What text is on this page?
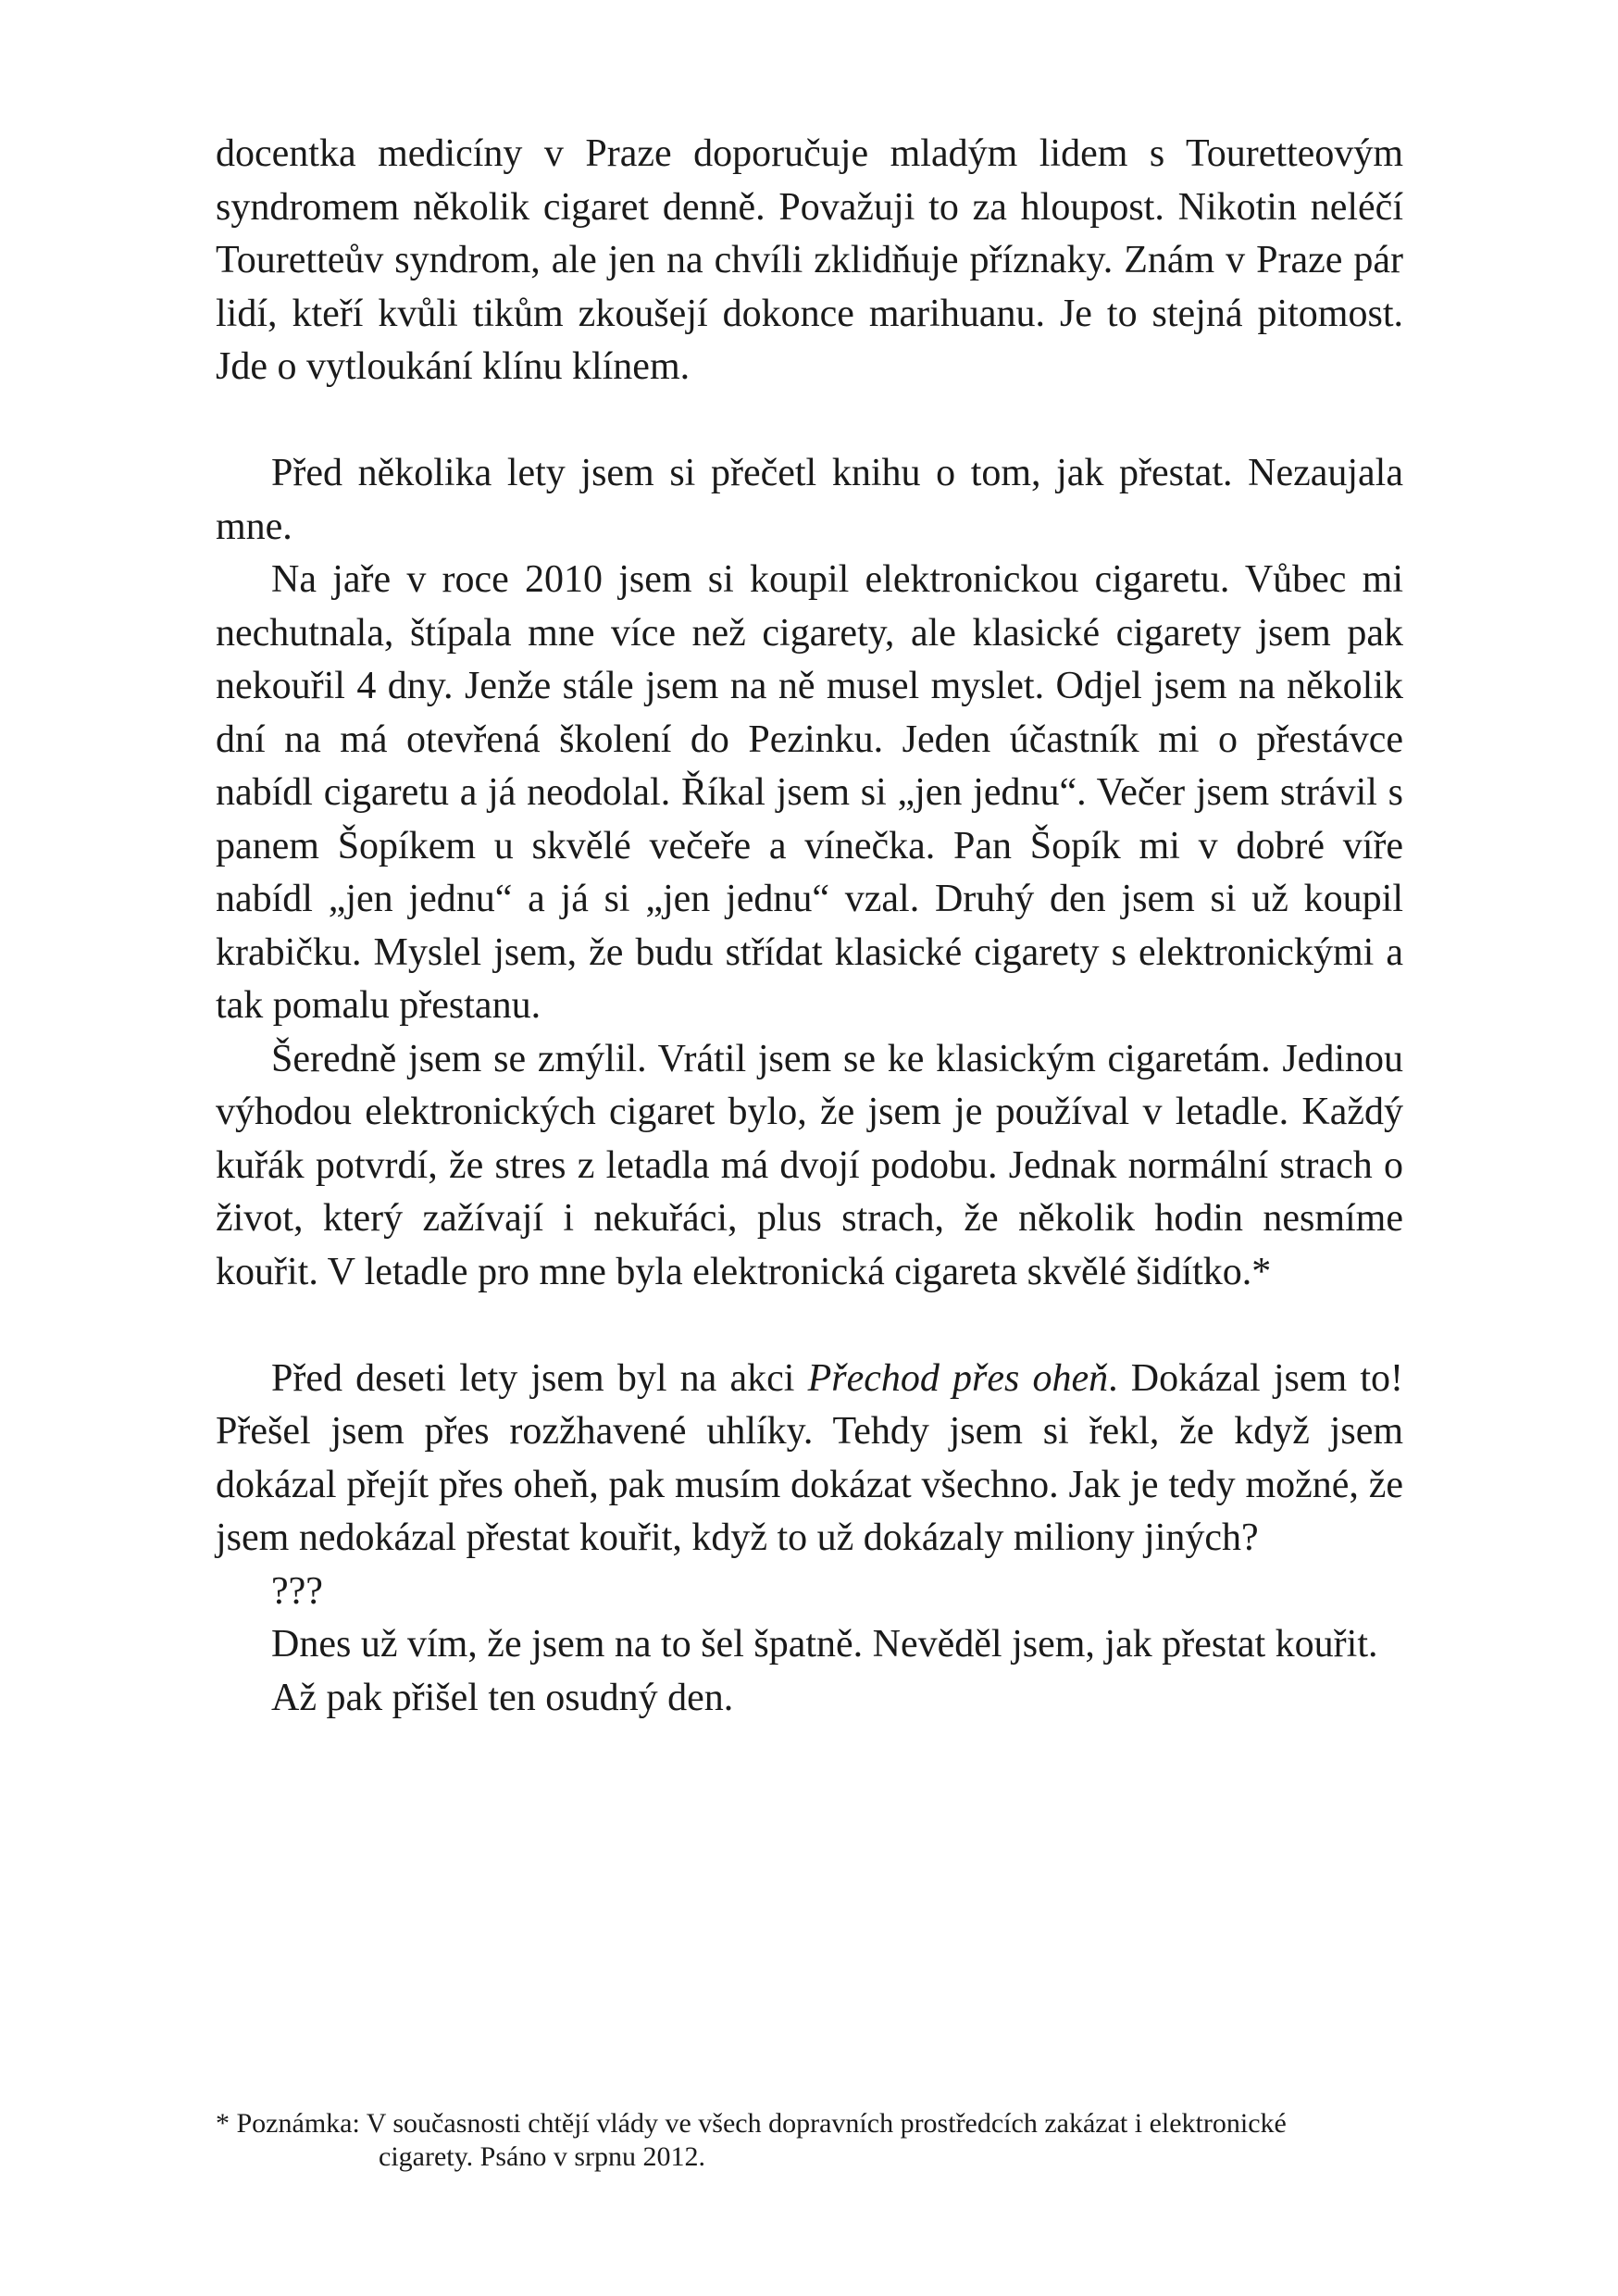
docentka medicíny v Praze doporučuje mladým lidem s Touretteovým syndromem několik cigaret denně. Považuji to za hloupost. Nikotin neléčí Tourettеův syndrom, ale jen na chvíli zklidňuje příznaky. Znám v Praze pár lidí, kteří kvůli tikům zkoušejí dokonce marihuanu. Je to stejná pitomost. Jde o vytloukání klínu klínem.

Před několika lety jsem si přečetl knihu o tom, jak přestat. Nezaujala mne.

Na jaře v roce 2010 jsem si koupil elektronickou cigaretu. Vůbec mi nechutnala, štípala mne více než cigarety, ale klasické cigarety jsem pak nekouřil 4 dny. Jenže stále jsem na ně musel myslet. Odjel jsem na několik dní na má otevřená školení do Pezinku. Jeden účastník mi o přestávce nabídl cigaretu a já neodolal. Říkal jsem si „jen jednu“. Večer jsem strávil s panem Šopíkem u skvělé večeře a vínečka. Pan Šopík mi v dobré víře nabídl „jen jednu“ a já si „jen jednu“ vzal. Druhý den jsem si už koupil krabičku. Myslel jsem, že budu střídat klasické cigarety s elektronickými a tak pomalu přestanu.

Šeredně jsem se zmýlil. Vrátil jsem se ke klasickým cigaretám. Jedinou výhodou elektronických cigaret bylo, že jsem je používal v letadle. Každý kuřák potvrdí, že stres z letadla má dvojí podobu. Jednak normální strach o život, který zažívají i nekuřáci, plus strach, že několik hodin nesmíme kouřit. V letadle pro mne byla elektronická cigareta skvělé šidítko.*

Před deseti lety jsem byl na akci Přechod přes oheň. Dokázal jsem to! Přešel jsem přes rozžhavené uhlíky. Tehdy jsem si řekl, že když jsem dokázal přejít přes oheň, pak musím dokázat všechno. Jak je tedy možné, že jsem nedokázal přestat kouřit, když to už dokázaly miliony jiných?

???

Dnes už vím, že jsem na to šel špatně. Nevěděl jsem, jak přestat kouřit.

Až pak přišel ten osudný den.

* Poznámka: V současnosti chtějí vlády ve všech dopravních prostředcích zakázat i elektronické

cigarety. Psáno v srpnu 2012.
